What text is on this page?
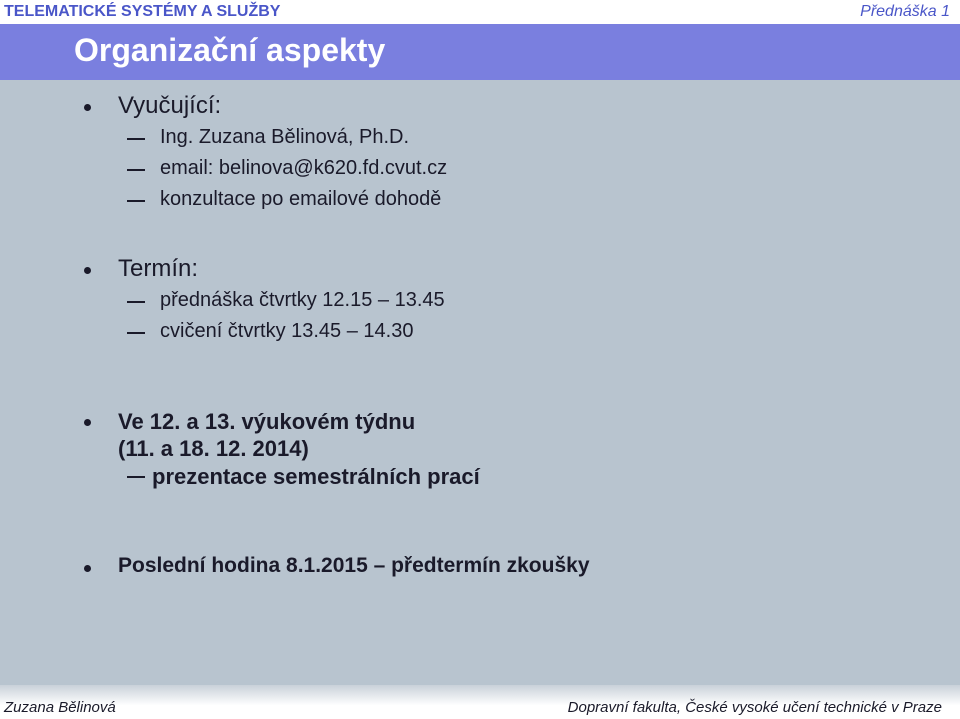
TELEMATICKÉ SYSTÉMY A SLUŽBY	Přednáška 1
Organizační aspekty
Vyučující:
Ing. Zuzana Bělinová, Ph.D.
email: belinova@k620.fd.cvut.cz
konzultace po emailové dohodě
Termín:
přednáška čtvrtky 12.15 – 13.45
cvičení čtvrtky 13.45 – 14.30
Ve 12. a 13. výukovém týdnu
(11. a 18. 12. 2014)
prezentace semestrálních prací
Poslední hodina 8.1.2015 – předtermín zkoušky
Zuzana Bělinová	Dopravní fakulta, České vysoké učení technické v Praze
